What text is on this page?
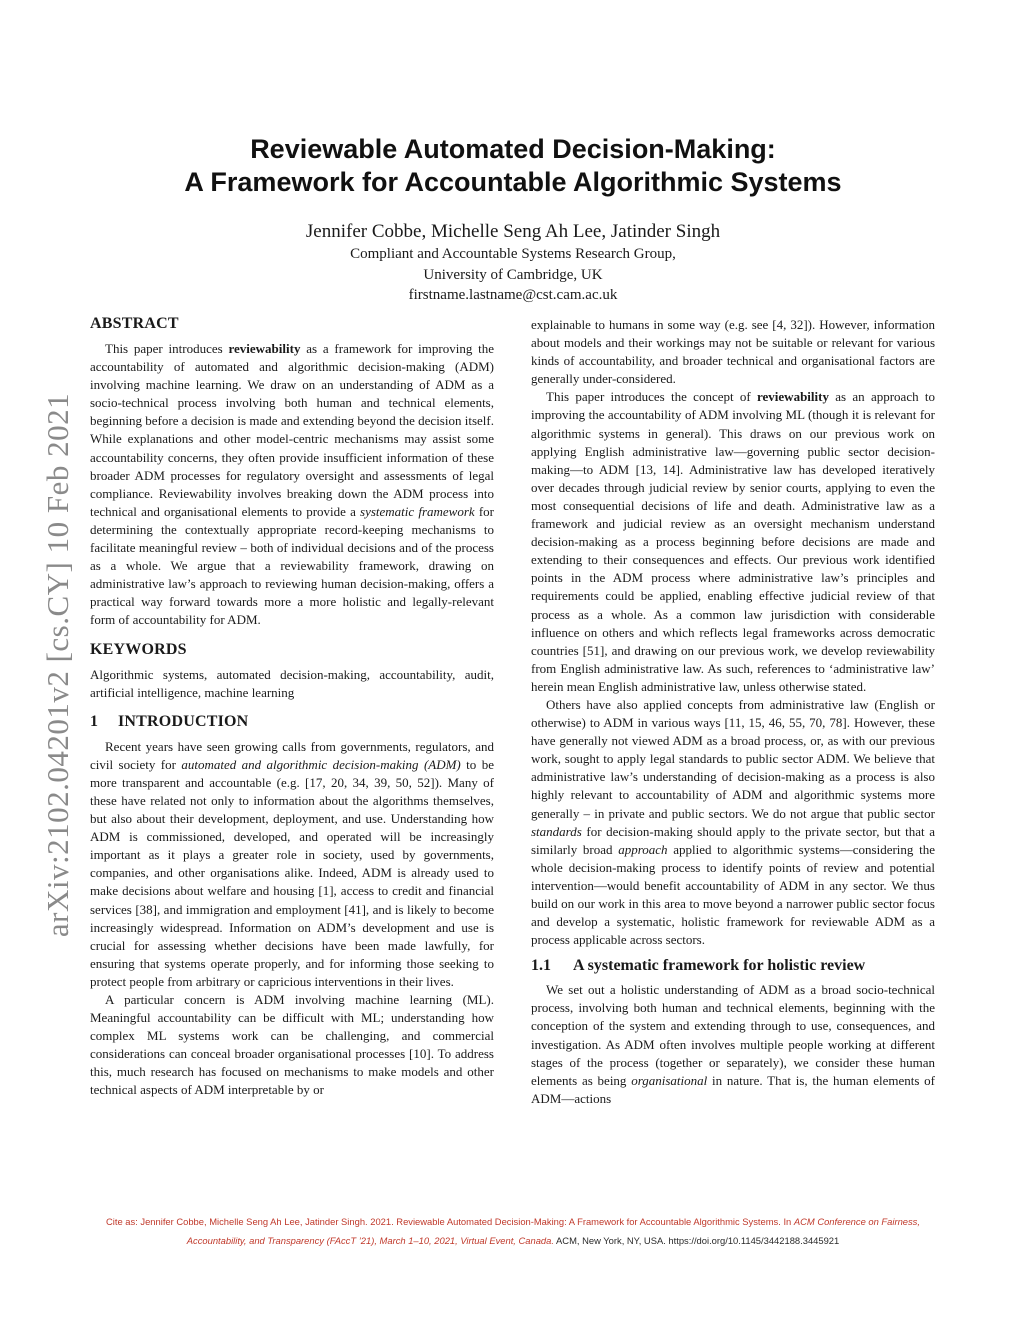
arXiv:2102.04201v2 [cs.CY] 10 Feb 2021
Reviewable Automated Decision-Making:
A Framework for Accountable Algorithmic Systems
Jennifer Cobbe, Michelle Seng Ah Lee, Jatinder Singh
Compliant and Accountable Systems Research Group,
University of Cambridge, UK
firstname.lastname@cst.cam.ac.uk
ABSTRACT

This paper introduces reviewability as a framework for improving the accountability of automated and algorithmic decision-making (ADM) involving machine learning. We draw on an understanding of ADM as a socio-technical process involving both human and technical elements, beginning before a decision is made and extending beyond the decision itself. While explanations and other model-centric mechanisms may assist some accountability concerns, they often provide insufficient information of these broader ADM processes for regulatory oversight and assessments of legal compliance. Reviewability involves breaking down the ADM process into technical and organisational elements to provide a systematic framework for determining the contextually appropriate record-keeping mechanisms to facilitate meaningful review – both of individual decisions and of the process as a whole. We argue that a reviewability framework, drawing on administrative law’s approach to reviewing human decision-making, offers a practical way forward towards more a more holistic and legally-relevant form of accountability for ADM.

KEYWORDS

Algorithmic systems, automated decision-making, accountability, audit, artificial intelligence, machine learning

1 INTRODUCTION

Recent years have seen growing calls from governments, regulators, and civil society for automated and algorithmic decision-making (ADM) to be more transparent and accountable (e.g. [17, 20, 34, 39, 50, 52]). Many of these have related not only to information about the algorithms themselves, but also about their development, deployment, and use. Understanding how ADM is commissioned, developed, and operated will be increasingly important as it plays a greater role in society, used by governments, companies, and other organisations alike. Indeed, ADM is already used to make decisions about welfare and housing [1], access to credit and financial services [38], and immigration and employment [41], and is likely to become increasingly widespread. Information on ADM’s development and use is crucial for assessing whether decisions have been made lawfully, for ensuring that systems operate properly, and for informing those seeking to protect people from arbitrary or capricious interventions in their lives.

A particular concern is ADM involving machine learning (ML). Meaningful accountability can be difficult with ML; understanding how complex ML systems work can be challenging, and commercial considerations can conceal broader organisational processes [10]. To address this, much research has focused on mechanisms to make models and other technical aspects of ADM interpretable by or

explainable to humans in some way (e.g. see [4, 32]). However, information about models and their workings may not be suitable or relevant for various kinds of accountability, and broader technical and organisational factors are generally under-considered.

This paper introduces the concept of reviewability as an approach to improving the accountability of ADM involving ML (though it is relevant for algorithmic systems in general). This draws on our previous work on applying English administrative law—governing public sector decision-making—to ADM [13, 14]. Administrative law has developed iteratively over decades through judicial review by senior courts, applying to even the most consequential decisions of life and death. Administrative law as a framework and judicial review as an oversight mechanism understand decision-making as a process beginning before decisions are made and extending to their consequences and effects. Our previous work identified points in the ADM process where administrative law’s principles and requirements could be applied, enabling effective judicial review of that process as a whole. As a common law jurisdiction with considerable influence on others and which reflects legal frameworks across democratic countries [51], and drawing on our previous work, we develop reviewability from English administrative law. As such, references to ‘administrative law’ herein mean English administrative law, unless otherwise stated.

Others have also applied concepts from administrative law (English or otherwise) to ADM in various ways [11, 15, 46, 55, 70, 78]. However, these have generally not viewed ADM as a broad process, or, as with our previous work, sought to apply legal standards to public sector ADM. We believe that administrative law’s understanding of decision-making as a process is also highly relevant to accountability of ADM and algorithmic systems more generally – in private and public sectors. We do not argue that public sector standards for decision-making should apply to the private sector, but that a similarly broad approach applied to algorithmic systems—considering the whole decision-making process to identify points of review and potential intervention—would benefit accountability of ADM in any sector. We thus build on our work in this area to move beyond a narrower public sector focus and develop a systematic, holistic framework for reviewable ADM as a process applicable across sectors.

1.1 A systematic framework for holistic review

We set out a holistic understanding of ADM as a broad socio-technical process, involving both human and technical elements, beginning with the conception of the system and extending through to use, consequences, and investigation. As ADM often involves multiple people working at different stages of the process (together or separately), we consider these human elements as being organisational in nature. That is, the human elements of ADM—actions

Cite as: Jennifer Cobbe, Michelle Seng Ah Lee, Jatinder Singh. 2021. Reviewable Automated Decision-Making: A Framework for Accountable Algorithmic Systems. In ACM Conference on Fairness, Accountability, and Transparency (FAccT ’21), March 1–10, 2021, Virtual Event, Canada. ACM, New York, NY, USA. https://doi.org/10.1145/3442188.3445921
